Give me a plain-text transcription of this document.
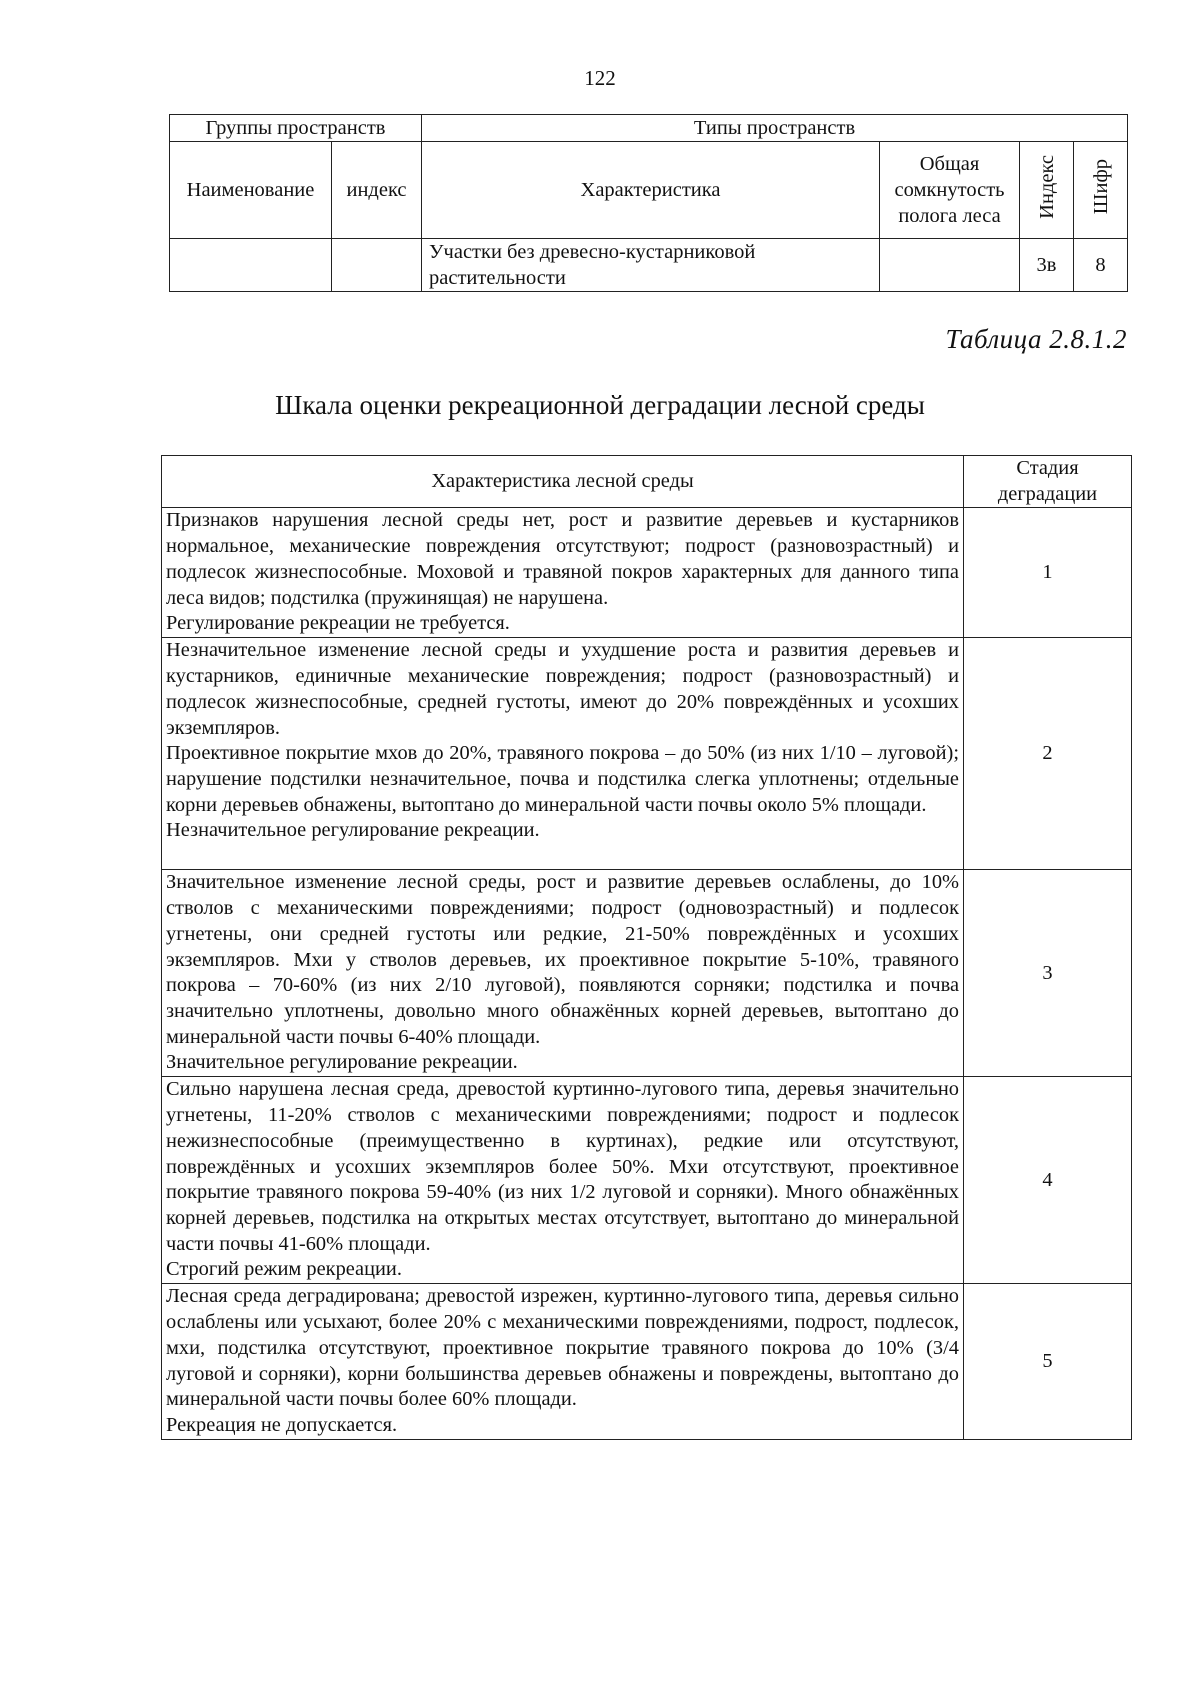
122
Группы пространств		Типы пространств			
Наименование	индекс	Характеристика	Общая сомкнутость полога леса	Индекс	Шифр
		Участки без древесно-кустарниковой растительности		3в	8
Таблица 2.8.1.2
Шкала оценки рекреационной деградации лесной среды
Характеристика лесной среды	Стадия
деградации

Признаков нарушения лесной среды нет, рост и развитие деревьев и кустарников нормальное, механические повреждения отсутствуют; подрост (разновозрастный) и подлесок жизнеспособные. Моховой и травяной покров характерных для данного типа леса видов; подстилка (пружинящая) не нарушена.
Регулирование рекреации не требуется.	1

Незначительное изменение лесной среды и ухудшение роста и развития деревьев и кустарников, единичные механические повреждения; подрост (разновозрастный) и подлесок жизнеспособные, средней густоты, имеют до 20% повреждённых и усохших экземпляров.
Проективное покрытие мхов до 20%, травяного покрова – до 50% (из них 1/10 – луговой); нарушение подстилки незначительное, почва и подстилка слегка уплотнены; отдельные корни деревьев обнажены, вытоптано до минеральной части почвы около 5% площади.
Незначительное регулирование рекреации.	2

Значительное изменение лесной среды, рост и развитие деревьев ослаблены, до 10% стволов с механическими повреждениями; подрост (одновозрастный) и подлесок угнетены, они средней густоты или редкие, 21-50% повреждённых и усохших экземпляров. Мхи у стволов деревьев, их проективное покрытие 5-10%, травяного покрова – 70-60% (из них 2/10 луговой), появляются сорняки; подстилка и почва значительно уплотнены, довольно много обнажённых корней деревьев, вытоптано до минеральной части почвы 6-40% площади.
Значительное регулирование рекреации.	3

Сильно нарушена лесная среда, древостой куртинно-лугового типа, деревья значительно угнетены, 11-20% стволов с механическими повреждениями; подрост и подлесок нежизнеспособные (преимущественно в куртинах), редкие или отсутствуют, повреждённых и усохших экземпляров более 50%. Мхи отсутствуют, проективное покрытие травяного покрова 59-40% (из них 1/2 луговой и сорняки). Много обнажённых корней деревьев, подстилка на открытых местах отсутствует, вытоптано до минеральной части почвы 41-60% площади.
Строгий режим рекреации.	4

Лесная среда деградирована; древостой изрежен, куртинно-лугового типа, деревья сильно ослаблены или усыхают, более 20% с механическими повреждениями, подрост, подлесок, мхи, подстилка отсутствуют, проективное покрытие травяного покрова до 10% (3/4 луговой и сорняки), корни большинства деревьев обнажены и повреждены, вытоптано до минеральной части почвы более 60% площади.
Рекреация не допускается.	5
